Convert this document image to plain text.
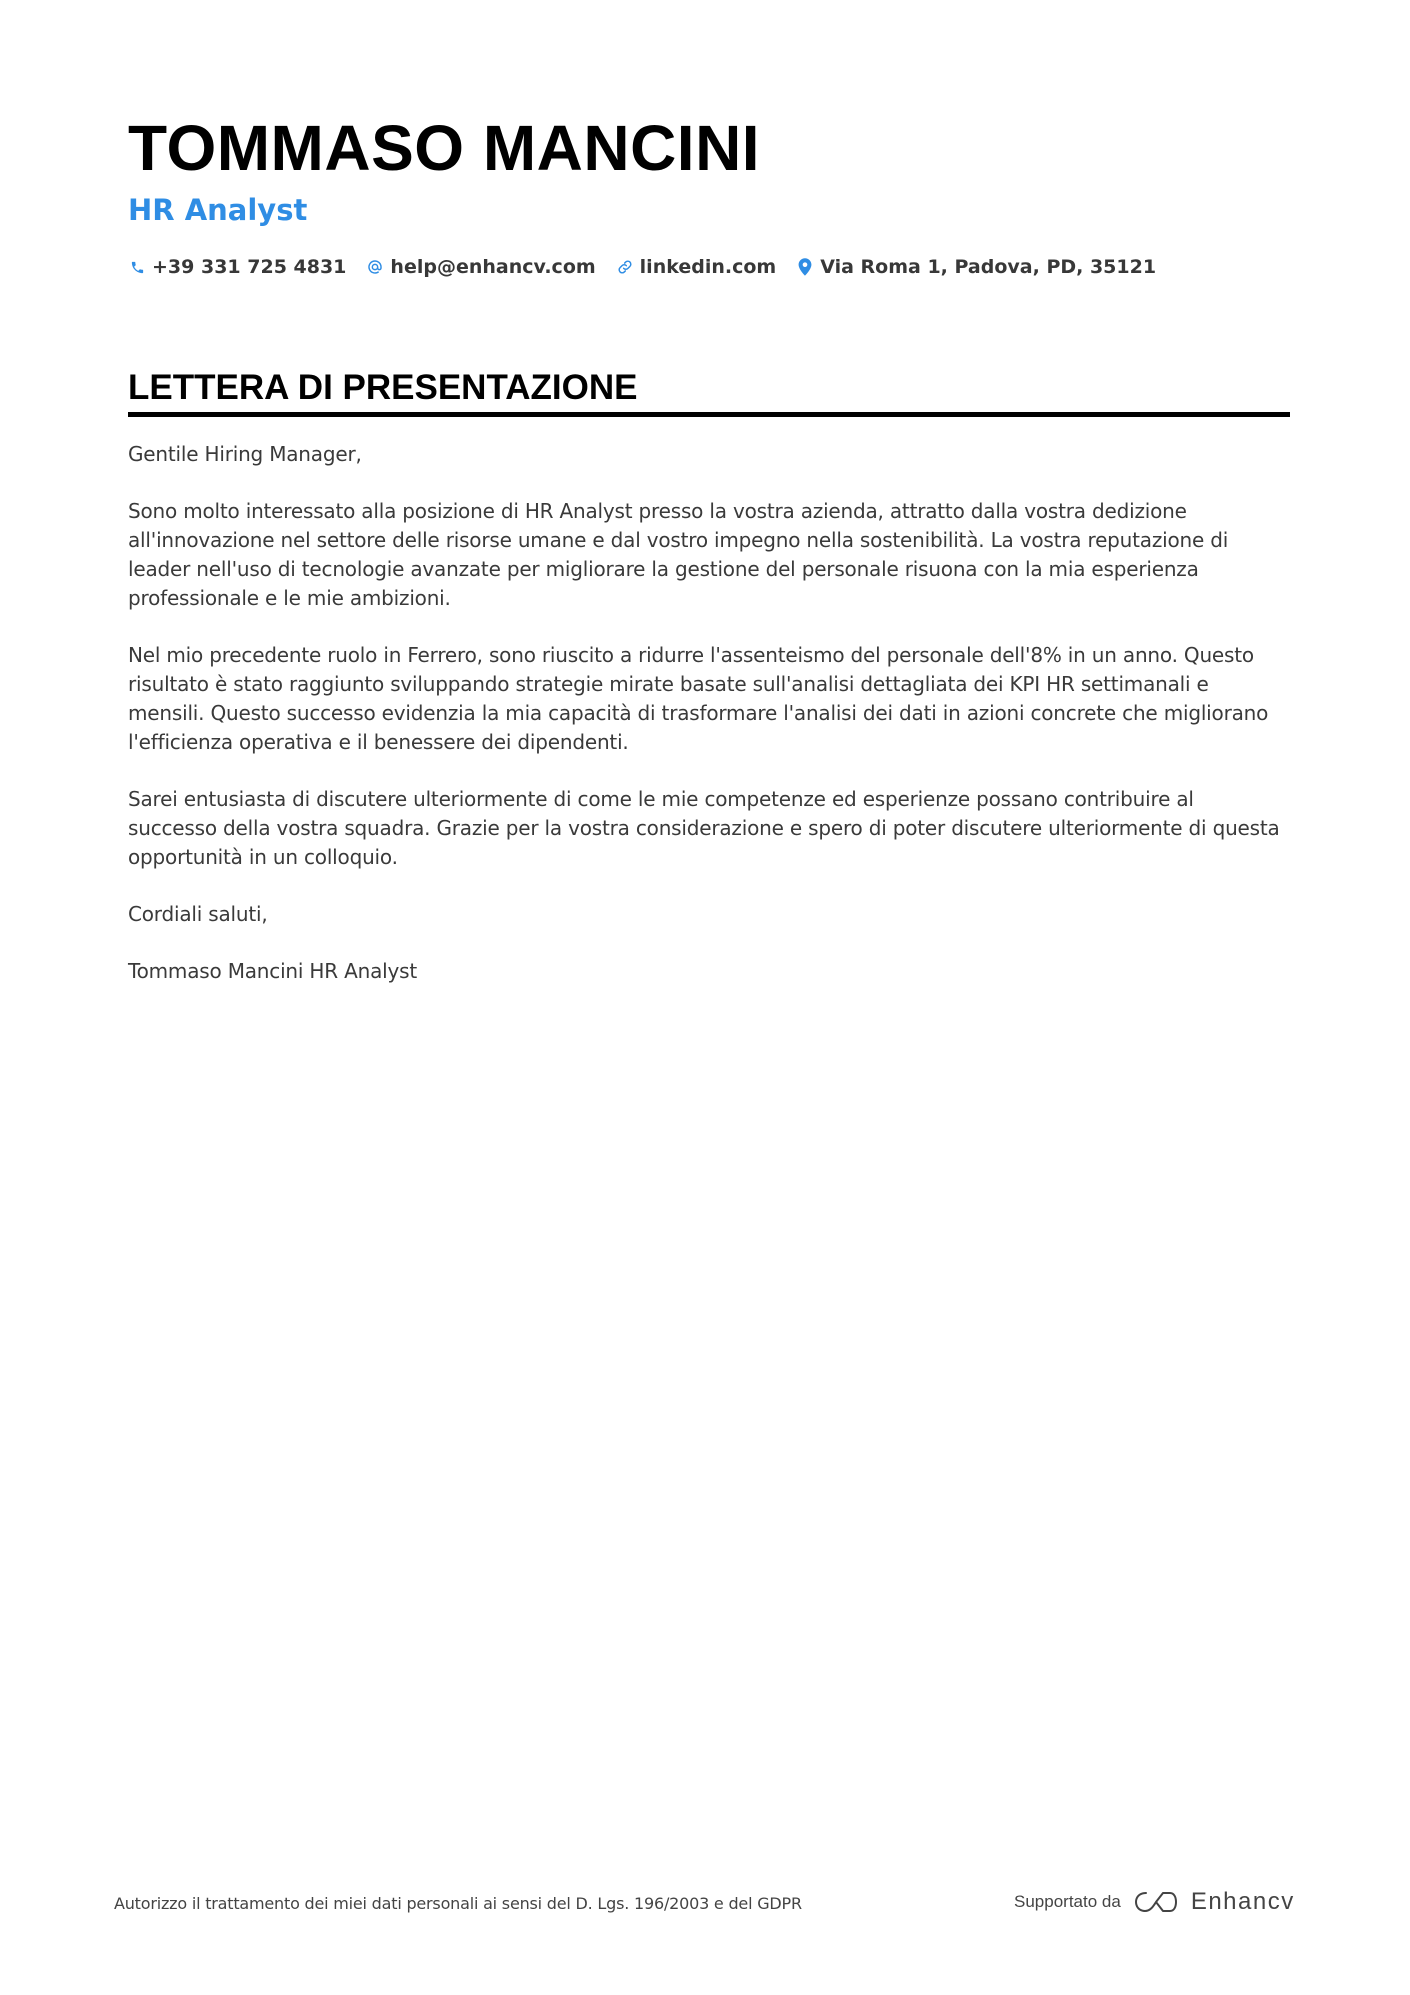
TOMMASO MANCINI
HR Analyst
+39 331 725 4831 help@enhancv.com linkedin.com Via Roma 1, Padova, PD, 35121
LETTERA DI PRESENTAZIONE

Gentile Hiring Manager,

Sono molto interessato alla posizione di HR Analyst presso la vostra azienda, attratto dalla vostra dedizione all'innovazione nel settore delle risorse umane e dal vostro impegno nella sostenibilità. La vostra reputazione di leader nell'uso di tecnologie avanzate per migliorare la gestione del personale risuona con la mia esperienza professionale e le mie ambizioni.

Nel mio precedente ruolo in Ferrero, sono riuscito a ridurre l'assenteismo del personale dell'8% in un anno. Questo risultato è stato raggiunto sviluppando strategie mirate basate sull'analisi dettagliata dei KPI HR settimanali e mensili. Questo successo evidenzia la mia capacità di trasformare l'analisi dei dati in azioni concrete che migliorano l'efficienza operativa e il benessere dei dipendenti.

Sarei entusiasta di discutere ulteriormente di come le mie competenze ed esperienze possano contribuire al successo della vostra squadra. Grazie per la vostra considerazione e spero di poter discutere ulteriormente di questa opportunità in un colloquio.

Cordiali saluti,

Tommaso Mancini HR Analyst

Autorizzo il trattamento dei miei dati personali ai sensi del D. Lgs. 196/2003 e del GDPR	Supportato da	Enhancv
